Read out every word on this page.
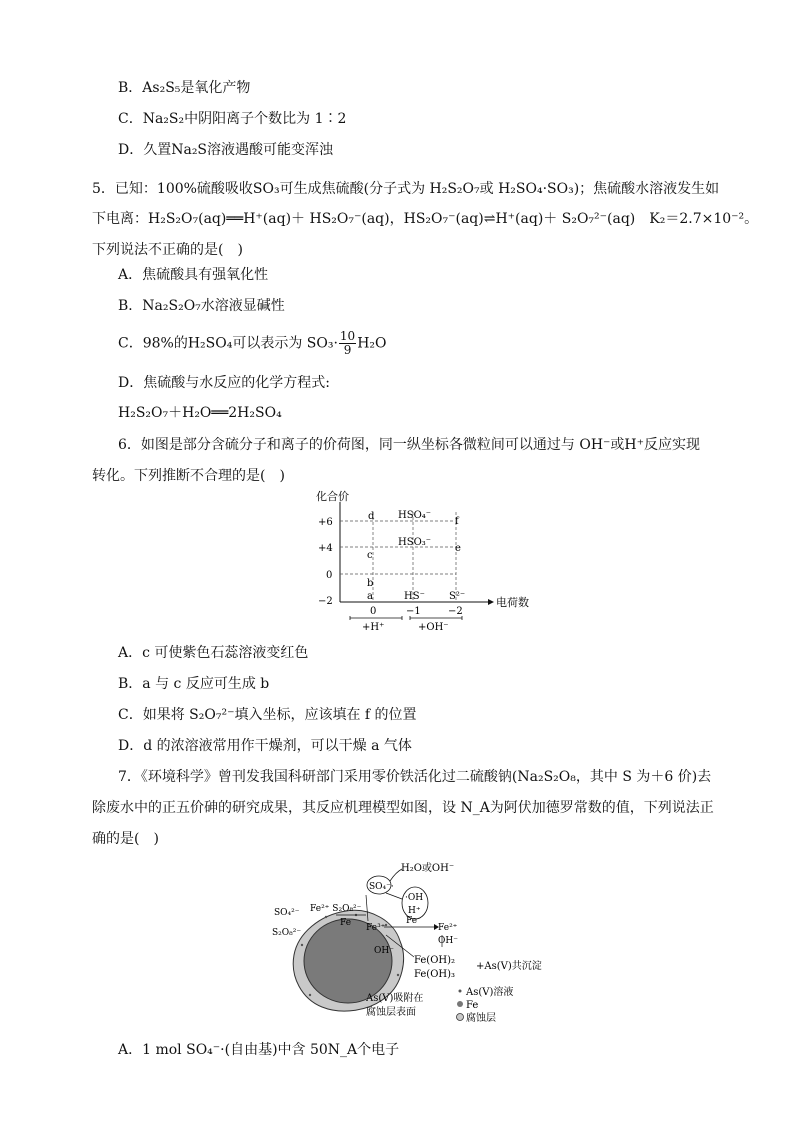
B．As₂S₅是氧化产物
C．Na₂S₂中阴阳离子个数比为 1∶2
D．久置Na₂S溶液遇酸可能变浑浊
5．已知：100%硫酸吸收SO₃可生成焦硫酸(分子式为 H₂S₂O₇或 H₂SO₄·SO₃)；焦硫酸水溶液发生如
下电离：H₂S₂O₇(aq)══H⁺(aq)＋ HS₂O₇⁻(aq)，HS₂O₇⁻(aq)⇌H⁺(aq)＋ S₂O₇²⁻(aq)　K₂＝2.7×10⁻²。
下列说法不正确的是(　)
A．焦硫酸具有强氧化性
B．Na₂S₂O₇水溶液显碱性
C．98%的H₂SO₄可以表示为 $SO_3\cdot \frac{10}{9} H_2O$
D．焦硫酸与水反应的化学方程式:
H₂S₂O₇＋H₂O══2H₂SO₄
6．如图是部分含硫分子和离子的价荷图，同一纵坐标各微粒间可以通过与 OH⁻或H⁺反应实现
转化。下列推断不合理的是(　)
化合价
电荷数
+6
+4
0
−2
0	−1	−2
d HSO₄⁻
f
HSO₃⁻
e
c
b
a	HS⁻ S²⁻
+H⁺	+OH⁻
A．c 可使紫色石蕊溶液变红色
B．a 与 c 反应可生成 b
C．如果将 S₂O₇²⁻填入坐标，应该填在 f 的位置
D．d 的浓溶液常用作干燥剂，可以干燥 a 气体
7．《环境科学》曾刊发我国科研部门采用零价铁活化过二硫酸钠(Na₂S₂O₈，其中 S 为＋6 价)去
除废水中的正五价砷的研究成果，其反应机理模型如图，设 N_A为阿伏加德罗常数的值，下列说法正
确的是(　)
H₂O或OH⁻
SO₄⁻·
·OH
H⁺
Fe²⁺ S₂O₈²⁻
SO₄²⁻
S₂O₈²⁻
Fe Fe³⁺
Fe
Fe²⁺
OH⁻
OH⁻
Fe(OH)₂
Fe(OH)₃
+As(V)共沉淀
As(V)吸附在
腐蚀层表面
As(V)溶液
Fe
腐蚀层
A．1 mol SO₄⁻·(自由基)中含 50N_A个电子
